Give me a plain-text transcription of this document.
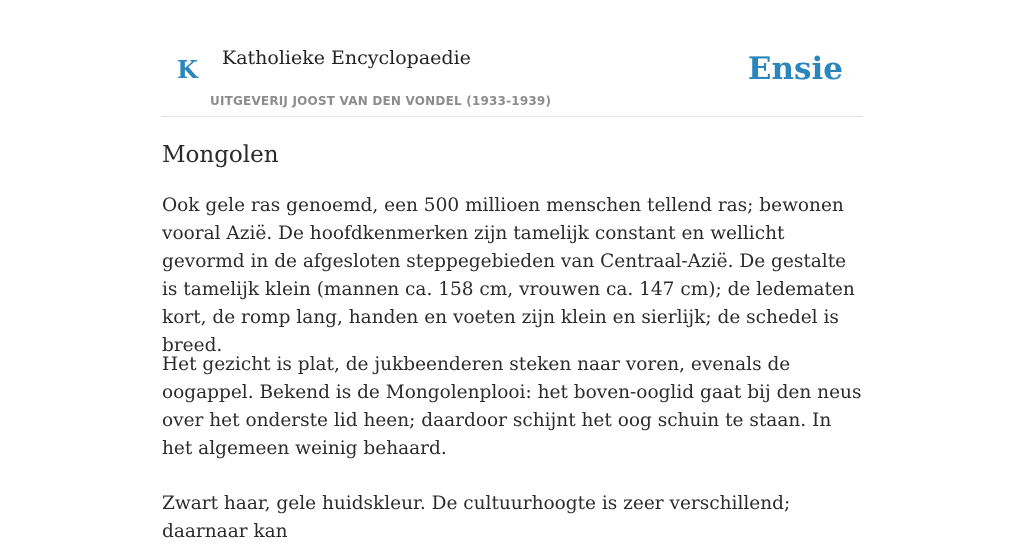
K Katholieke Encyclopaedie
UITGEVERIJ JOOST VAN DEN VONDEL (1933-1939)
Ensie
Mongolen

Ook gele ras genoemd, een 500 millioen menschen tellend ras; bewonen vooral Azië. De hoofdkenmerken zijn tamelijk constant en wellicht gevormd in de afgesloten steppegebieden van Centraal-Azië. De gestalte is tamelijk klein (mannen ca. 158 cm, vrouwen ca. 147 cm); de ledematen kort, de romp lang, handen en voeten zijn klein en sierlijk; de schedel is breed.

Het gezicht is plat, de jukbeenderen steken naar voren, evenals de oogappel. Bekend is de Mongolenplooi: het boven-ooglid gaat bij den neus over het onderste lid heen; daardoor schijnt het oog schuin te staan. In het algemeen weinig behaard.

Zwart haar, gele huidskleur. De cultuurhoogte is zeer verschillend; daarnaar kan
